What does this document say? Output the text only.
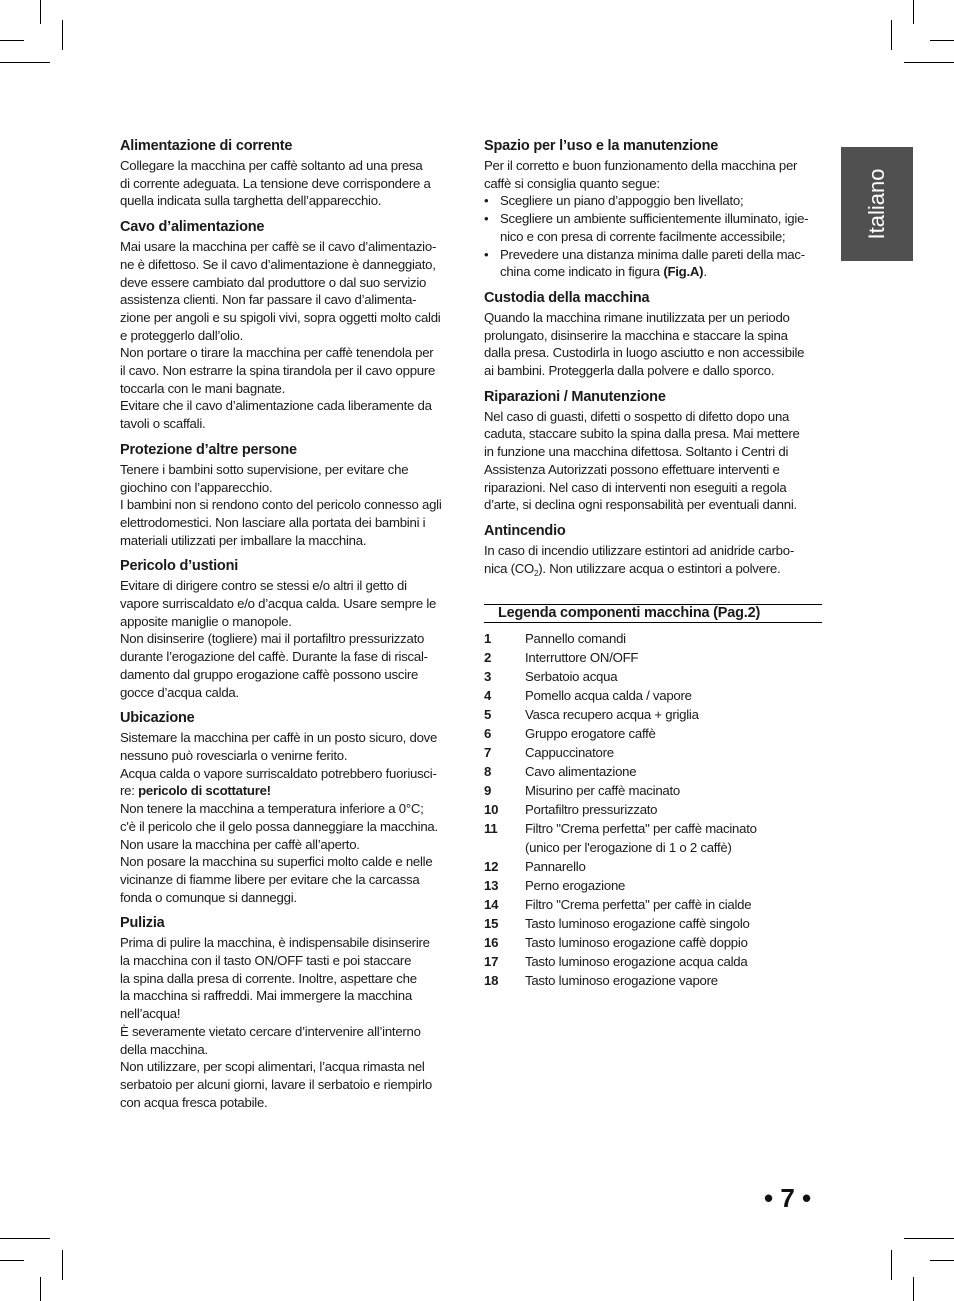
Italiano
Alimentazione di corrente

Collegare la macchina per caffè soltanto ad una presa
di corrente adeguata. La tensione deve corrispondere a
quella indicata sulla targhetta dell’apparecchio.

Cavo d’alimentazione

Mai usare la macchina per caffè se il cavo d’alimentazio-
ne è difettoso. Se il cavo d’alimentazione è danneggiato,
deve essere cambiato dal produttore o dal suo servizio
assistenza clienti. Non far passare il cavo d’alimenta-
zione per angoli e su spigoli vivi, sopra oggetti molto caldi
e proteggerlo dall’olio.
Non portare o tirare la macchina per caffè tenendola per
il cavo. Non estrarre la spina tirandola per il cavo oppure
toccarla con le mani bagnate.
Evitare che il cavo d’alimentazione cada liberamente da
tavoli o scaffali.

Protezione d’altre persone

Tenere i bambini sotto supervisione, per evitare che
giochino con l’apparecchio.
I bambini non si rendono conto del pericolo connesso agli
elettrodomestici. Non lasciare alla portata dei bambini i
materiali utilizzati per imballare la macchina.

Pericolo d’ustioni

Evitare di dirigere contro se stessi e/o altri il getto di
vapore surriscaldato e/o d’acqua calda. Usare sempre le
apposite maniglie o manopole.
Non disinserire (togliere) mai il portafiltro pressurizzato
durante l’erogazione del caffè. Durante la fase di riscal-
damento dal gruppo erogazione caffè possono uscire
gocce d’acqua calda.

Ubicazione

Sistemare la macchina per caffè in un posto sicuro, dove
nessuno può rovesciarla o venirne ferito.
Acqua calda o vapore surriscaldato potrebbero fuoriusci-
re: pericolo di scottature!
Non tenere la macchina a temperatura inferiore a 0°C;
c'è il pericolo che il gelo possa danneggiare la macchina.
Non usare la macchina per caffè all’aperto.
Non posare la macchina su superfici molto calde e nelle
vicinanze di fiamme libere per evitare che la carcassa
fonda o comunque si danneggi.

Pulizia

Prima di pulire la macchina, è indispensabile disinserire
la macchina con il tasto ON/OFF tasti e poi staccare
la spina dalla presa di corrente. Inoltre, aspettare che
la macchina si raffreddi. Mai immergere la macchina
nell’acqua!
È severamente vietato cercare d’intervenire all’interno
della macchina.
Non utilizzare, per scopi alimentari, l’acqua rimasta nel
serbatoio per alcuni giorni, lavare il serbatoio e riempirlo
con acqua fresca potabile.

Spazio per l’uso e la manutenzione

Per il corretto e buon funzionamento della macchina per
caffè si consiglia quanto segue:

• Scegliere un piano d’appoggio ben livellato;
• Scegliere un ambiente sufficientemente illuminato, igie-
nico e con presa di corrente facilmente accessibile;
• Prevedere una distanza minima dalle pareti della mac-
china come indicato in figura (Fig.A).
Custodia della macchina

Quando la macchina rimane inutilizzata per un periodo
prolungato, disinserire la macchina e staccare la spina
dalla presa. Custodirla in luogo asciutto e non accessibile
ai bambini. Proteggerla dalla polvere e dallo sporco.

Riparazioni / Manutenzione

Nel caso di guasti, difetti o sospetto di difetto dopo una
caduta, staccare subito la spina dalla presa. Mai mettere
in funzione una macchina difettosa. Soltanto i Centri di
Assistenza Autorizzati possono effettuare interventi e
riparazioni. Nel caso di interventi non eseguiti a regola
d’arte, si declina ogni responsabilità per eventuali danni.

Antincendio

In caso di incendio utilizzare estintori ad anidride carbo-
nica $(CO_2)$. Non utilizzare acqua o estintori a polvere.

Legenda componenti macchina (Pag.2)
1	Pannello comandi
2	Interruttore ON/OFF
3	Serbatoio acqua
4	Pomello acqua calda / vapore
5	Vasca recupero acqua + griglia
6	Gruppo erogatore caffè
7	Cappuccinatore
8	Cavo alimentazione
9	Misurino per caffè macinato
10	Portafiltro pressurizzato
11	Filtro "Crema perfetta" per caffè macinato
(unico per l'erogazione di 1 o 2 caffè)
12	Pannarello
13	Perno erogazione
14	Filtro "Crema perfetta" per caffè in cialde
15	Tasto luminoso erogazione caffè singolo
16	Tasto luminoso erogazione caffè doppio
17	Tasto luminoso erogazione acqua calda
18	Tasto luminoso erogazione vapore
• 7 •
